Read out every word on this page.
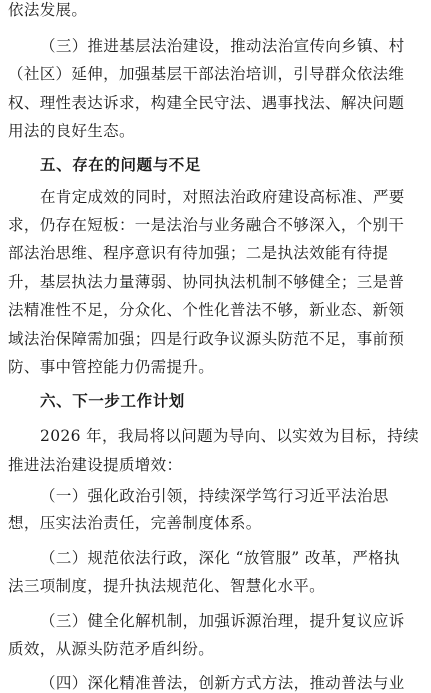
依法发展。
（三）推进基层法治建设，推动法治宣传向乡镇、村
（社区）延伸，加强基层干部法治培训，引导群众依法维
权、理性表达诉求，构建全民守法、遇事找法、解决问题
用法的良好生态。
五、存在的问题与不足
在肯定成效的同时，对照法治政府建设高标准、严要
求，仍存在短板：一是法治与业务融合不够深入，个别干
部法治思维、程序意识有待加强；二是执法效能有待提
升，基层执法力量薄弱、协同执法机制不够健全；三是普
法精准性不足，分众化、个性化普法不够，新业态、新领
域法治保障需加强；四是行政争议源头防范不足，事前预
防、事中管控能力仍需提升。
六、下一步工作计划
2026 年，我局将以问题为导向、以实效为目标，持续
推进法治建设提质增效：
（一）强化政治引领，持续深学笃行习近平法治思
想，压实法治责任，完善制度体系。
（二）规范依法行政，深化 “放管服” 改革，严格执
法三项制度，提升执法规范化、智慧化水平。
（三）健全化解机制，加强诉源治理，提升复议应诉
质效，从源头防范矛盾纠纷。
（四）深化精准普法，创新方式方法，推动普法与业
